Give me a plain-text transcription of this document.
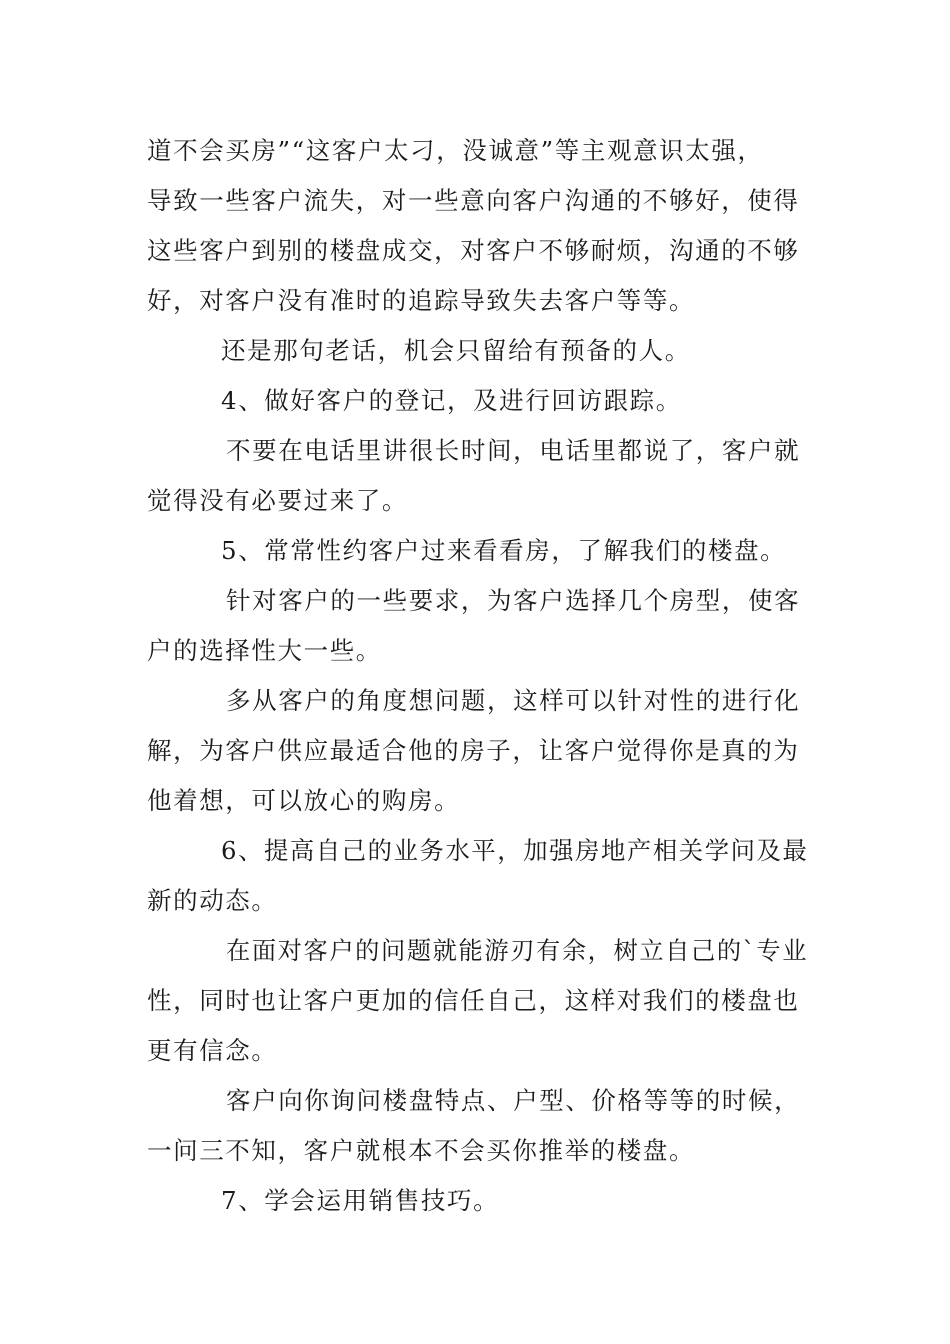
道不会买房”“这客户太刁，没诚意”等主观意识太强，
导致一些客户流失，对一些意向客户沟通的不够好，使得
这些客户到别的楼盘成交，对客户不够耐烦，沟通的不够
好，对客户没有准时的追踪导致失去客户等等。
还是那句老话，机会只留给有预备的人。
4、做好客户的登记，及进行回访跟踪。
不要在电话里讲很长时间，电话里都说了，客户就
觉得没有必要过来了。
5、常常性约客户过来看看房，了解我们的楼盘。
针对客户的一些要求，为客户选择几个房型，使客
户的选择性大一些。
多从客户的角度想问题，这样可以针对性的进行化
解，为客户供应最适合他的房子，让客户觉得你是真的为
他着想，可以放心的购房。
6、提高自己的业务水平，加强房地产相关学问及最
新的动态。
在面对客户的问题就能游刃有余，树立自己的`专业
性，同时也让客户更加的信任自己，这样对我们的楼盘也
更有信念。
客户向你询问楼盘特点、户型、价格等等的时候，
一问三不知，客户就根本不会买你推举的楼盘。
7、学会运用销售技巧。
